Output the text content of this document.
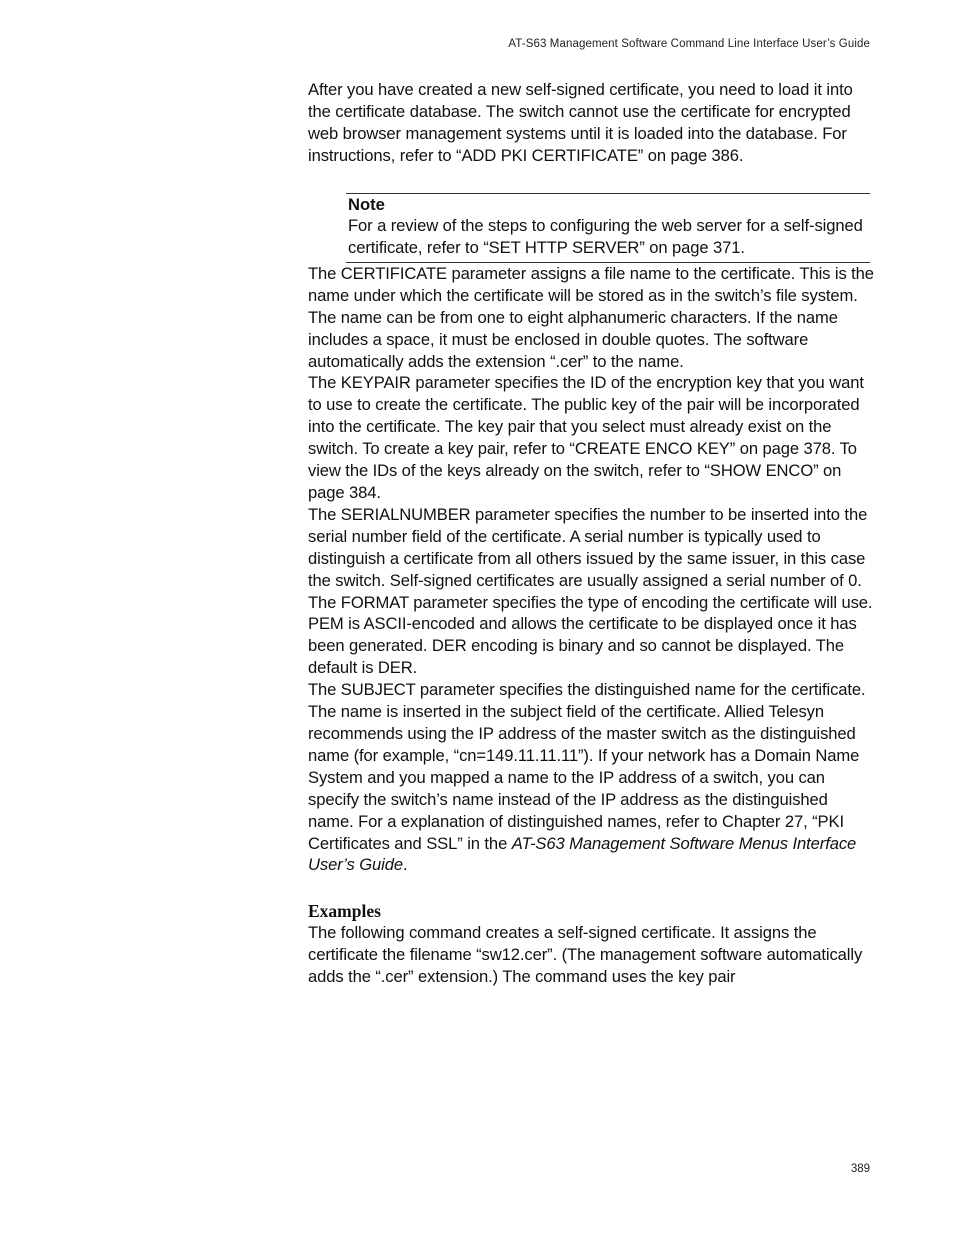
AT-S63 Management Software Command Line Interface User’s Guide

After you have created a new self-signed certificate, you need to load it into the certificate database. The switch cannot use the certificate for encrypted web browser management systems until it is loaded into the database. For instructions, refer to “ADD PKI CERTIFICATE” on page 386.

Note

For a review of the steps to configuring the web server for a self-signed certificate, refer to “SET HTTP SERVER” on page 371.

The CERTIFICATE parameter assigns a file name to the certificate. This is the name under which the certificate will be stored as in the switch’s file system. The name can be from one to eight alphanumeric characters. If the name includes a space, it must be enclosed in double quotes. The software automatically adds the extension “.cer” to the name.

The KEYPAIR parameter specifies the ID of the encryption key that you want to use to create the certificate. The public key of the pair will be incorporated into the certificate. The key pair that you select must already exist on the switch. To create a key pair, refer to “CREATE ENCO KEY” on page 378. To view the IDs of the keys already on the switch, refer to “SHOW ENCO” on page 384.

The SERIALNUMBER parameter specifies the number to be inserted into the serial number field of the certificate. A serial number is typically used to distinguish a certificate from all others issued by the same issuer, in this case the switch. Self-signed certificates are usually assigned a serial number of 0.

The FORMAT parameter specifies the type of encoding the certificate will use. PEM is ASCII-encoded and allows the certificate to be displayed once it has been generated. DER encoding is binary and so cannot be displayed. The default is DER.

The SUBJECT parameter specifies the distinguished name for the certificate. The name is inserted in the subject field of the certificate. Allied Telesyn recommends using the IP address of the master switch as the distinguished name (for example, “cn=149.11.11.11”). If your network has a Domain Name System and you mapped a name to the IP address of a switch, you can specify the switch’s name instead of the IP address as the distinguished name. For a explanation of distinguished names, refer to Chapter 27, “PKI Certificates and SSL” in the AT-S63 Management Software Menus Interface User’s Guide.

Examples

The following command creates a self-signed certificate. It assigns the certificate the filename “sw12.cer”. (The management software automatically adds the “.cer” extension.) The command uses the key pair

389
